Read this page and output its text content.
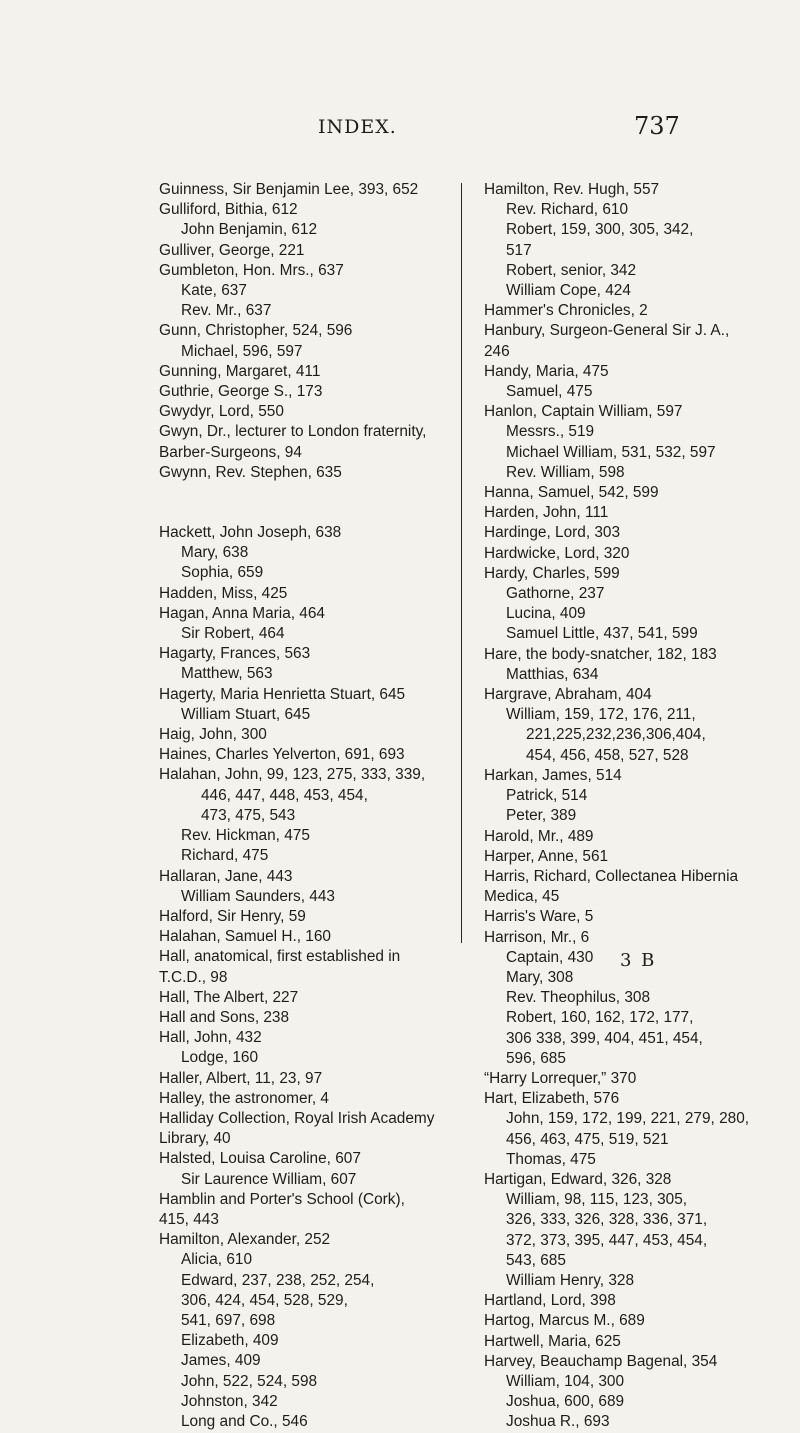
INDEX.	737
Guinness, Sir Benjamin Lee, 393, 652
Gulliford, Bithia, 612
John Benjamin, 612
Gulliver, George, 221
Gumbleton, Hon. Mrs., 637
Kate, 637
Rev. Mr., 637
Gunn, Christopher, 524, 596
Michael, 596, 597
Gunning, Margaret, 411
Guthrie, George S., 173
Gwydyr, Lord, 550
Gwyn, Dr., lecturer to London fraternity,
Barber-Surgeons, 94
Gwynn, Rev. Stephen, 635
Hackett, John Joseph, 638
Mary, 638
Sophia, 659
Hadden, Miss, 425
Hagan, Anna Maria, 464
Sir Robert, 464
Hagarty, Frances, 563
Matthew, 563
Hagerty, Maria Henrietta Stuart, 645
William Stuart, 645
Haig, John, 300
Haines, Charles Yelverton, 691, 693
Halahan, John, 99, 123, 275, 333, 339,
446, 447, 448, 453, 454,
473, 475, 543
Rev. Hickman, 475
Richard, 475
Hallaran, Jane, 443
William Saunders, 443
Halford, Sir Henry, 59
Halahan, Samuel H., 160
Hall, anatomical, first established in
T.C.D., 98
Hall, The Albert, 227
Hall and Sons, 238
Hall, John, 432
Lodge, 160
Haller, Albert, 11, 23, 97
Halley, the astronomer, 4
Halliday Collection, Royal Irish Academy
Library, 40
Halsted, Louisa Caroline, 607
Sir Laurence William, 607
Hamblin and Porter's School (Cork),
415, 443
Hamilton, Alexander, 252
Alicia, 610
Edward, 237, 238, 252, 254,
306, 424, 454, 528, 529,
541, 697, 698
Elizabeth, 409
James, 409
John, 522, 524, 598
Johnston, 342
Long and Co., 546
Hamilton, Rev. Hugh, 557
Rev. Richard, 610
Robert, 159, 300, 305, 342,
517
Robert, senior, 342
William Cope, 424
Hammer's Chronicles, 2
Hanbury, Surgeon-General Sir J. A.,
246
Handy, Maria, 475
Samuel, 475
Hanlon, Captain William, 597
Messrs., 519
Michael William, 531, 532, 597
Rev. William, 598
Hanna, Samuel, 542, 599
Harden, John, 111
Hardinge, Lord, 303
Hardwicke, Lord, 320
Hardy, Charles, 599
Gathorne, 237
Lucina, 409
Samuel Little, 437, 541, 599
Hare, the body-snatcher, 182, 183
Matthias, 634
Hargrave, Abraham, 404
William, 159, 172, 176, 211,
221,225,232,236,306,404,
454, 456, 458, 527, 528
Harkan, James, 514
Patrick, 514
Peter, 389
Harold, Mr., 489
Harper, Anne, 561
Harris, Richard, Collectanea Hibernia
Medica, 45
Harris's Ware, 5
Harrison, Mr., 6
Captain, 430
Mary, 308
Rev. Theophilus, 308
Robert, 160, 162, 172, 177,
306 338, 399, 404, 451, 454,
596, 685
“Harry Lorrequer,” 370
Hart, Elizabeth, 576
John, 159, 172, 199, 221, 279, 280,
456, 463, 475, 519, 521
Thomas, 475
Hartigan, Edward, 326, 328
William, 98, 115, 123, 305,
326, 333, 326, 328, 336, 371,
372, 373, 395, 447, 453, 454,
543, 685
William Henry, 328
Hartland, Lord, 398
Hartog, Marcus M., 689
Hartwell, Maria, 625
Harvey, Beauchamp Bagenal, 354
William, 104, 300
Joshua, 600, 689
Joshua R., 693
3 B
